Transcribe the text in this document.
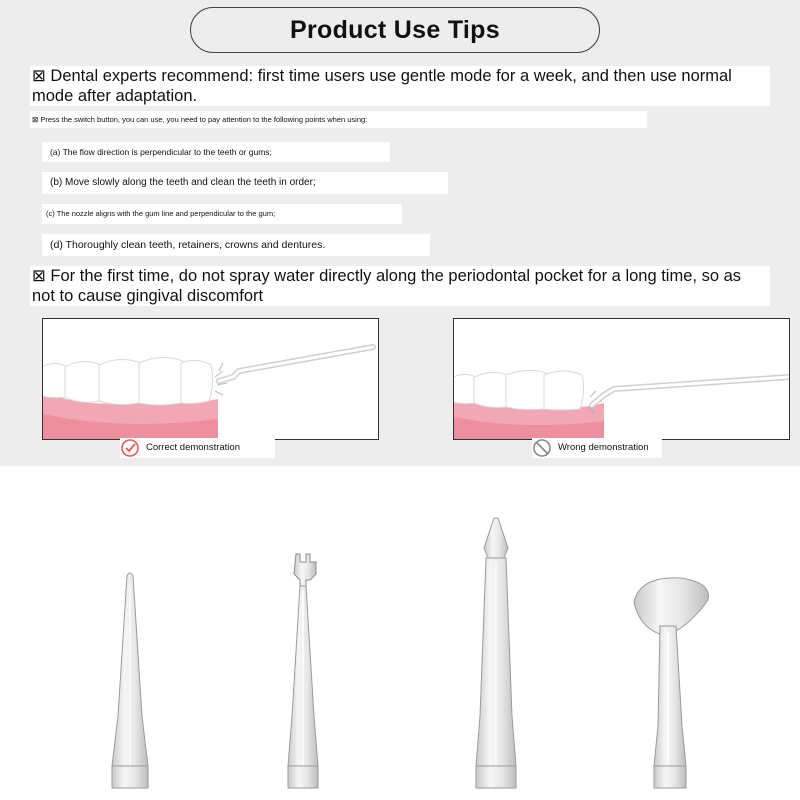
Product Use Tips
⊠ Dental experts recommend: first time users use gentle mode for a week, and then use normal mode after adaptation.
⊠ Press the switch button, you can use, you need to pay attention to the following points when using:
(a) The flow direction is perpendicular to the teeth or gums;
(b) Move slowly along the teeth and clean the teeth in order;
(c) The nozzle aligns with the gum line and perpendicular to the gum;
(d) Thoroughly clean teeth, retainers, crowns and dentures.
⊠ For the first time, do not spray water directly along the periodontal pocket for a long time, so as not to cause gingival discomfort
Correct demonstration	Wrong demonstration
